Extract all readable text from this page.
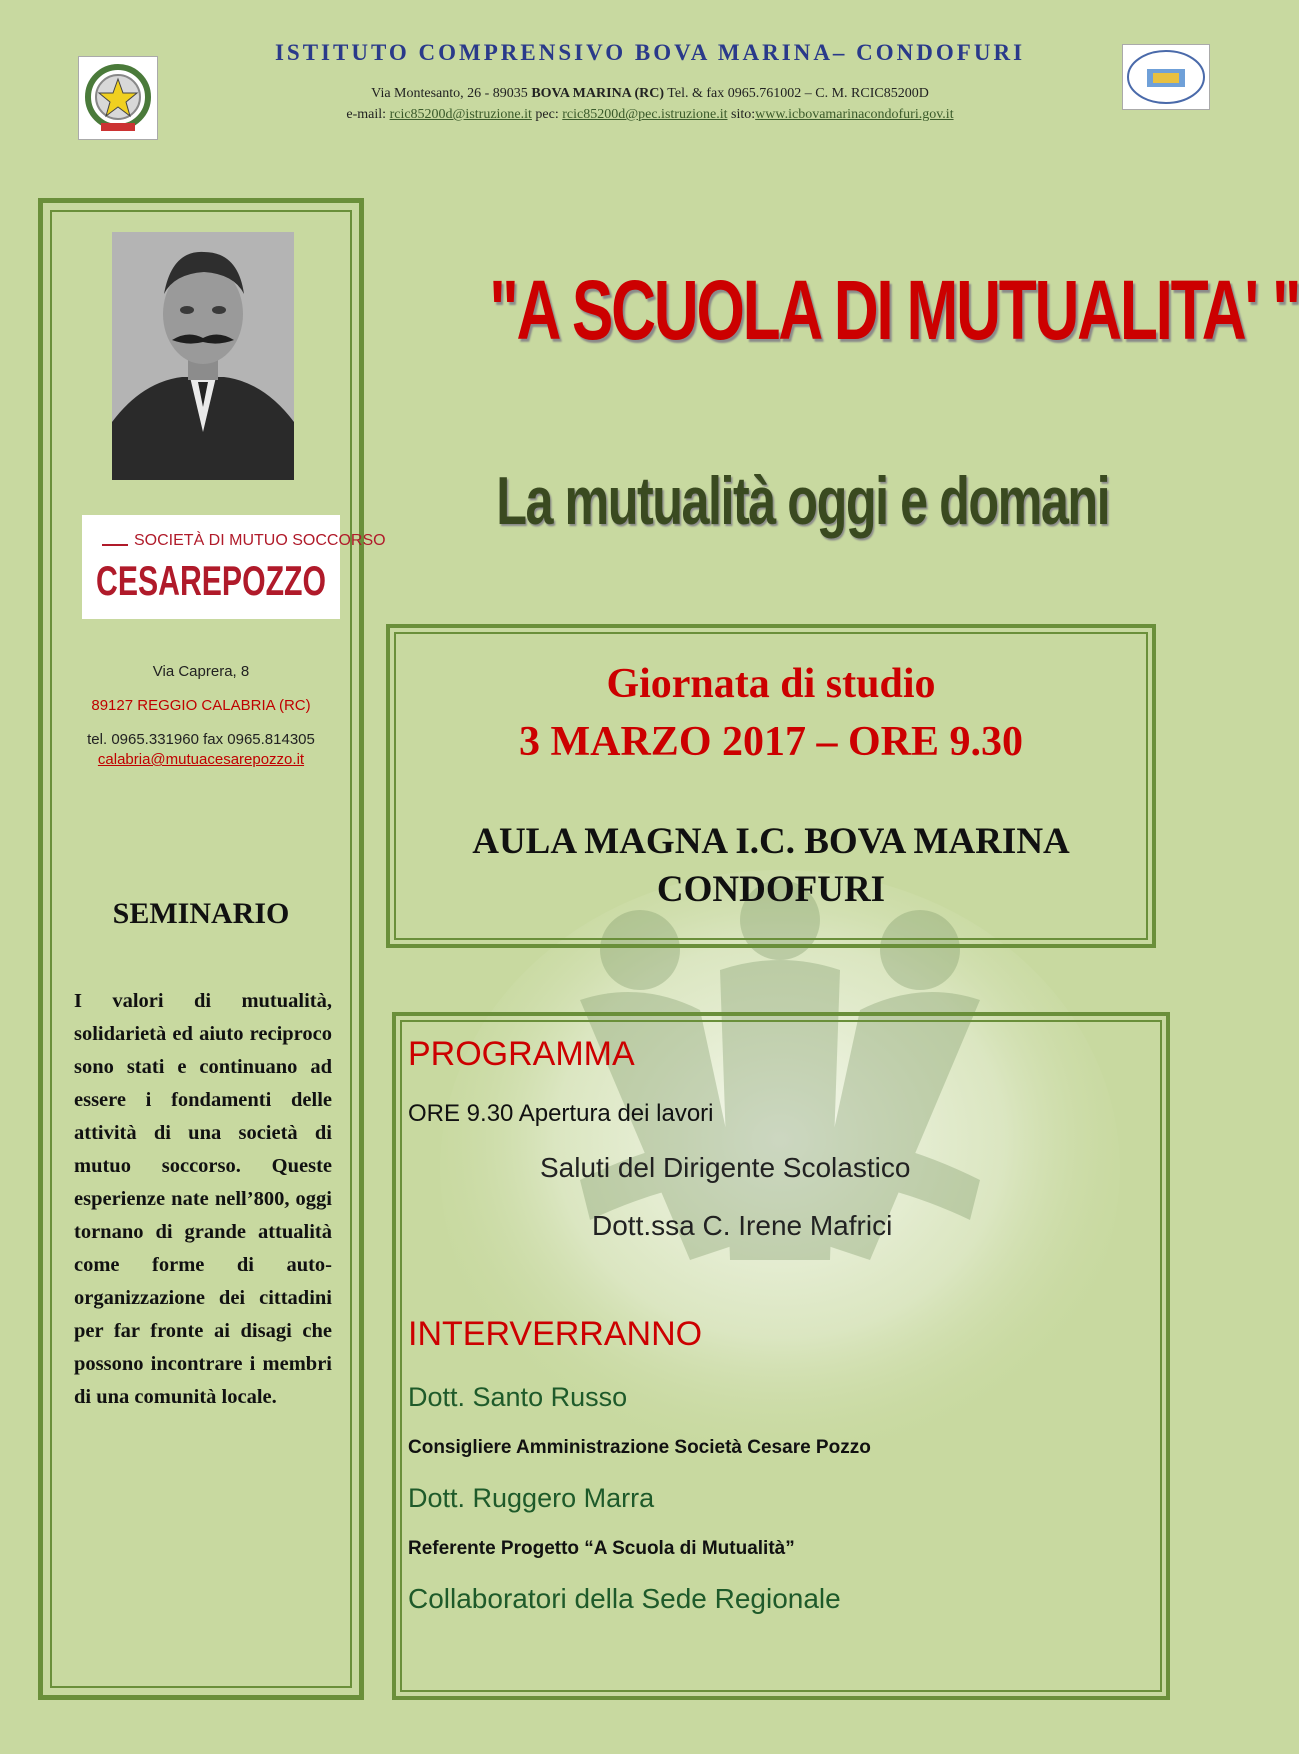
ISTITUTO COMPRENSIVO BOVA MARINA– CONDOFURI
Via Montesanto, 26 - 89035 BOVA MARINA (RC) Tel. & fax 0965.761002 – C. M. RCIC85200D
e-mail: rcic85200d@istruzione.it pec: rcic85200d@pec.istruzione.it sito:www.icbovamarinacondofuri.gov.it
SOCIETÀ DI MUTUO SOCCORSO
CESAREPOZZO
Via Caprera, 8
89127 REGGIO CALABRIA (RC)
tel. 0965.331960 fax 0965.814305
calabria@mutuacesarepozzo.it
SEMINARIO
I valori di mutualità, solidarietà ed aiuto reciproco sono stati e continuano ad essere i fondamenti delle attività di una società di mutuo soccorso. Queste esperienze nate nell’800, oggi tornano di grande attualità come forme di auto-organizzazione dei cittadini per far fronte ai disagi che possono incontrare i membri di una comunità locale.
"A SCUOLA DI MUTUALITA' "
La mutualità oggi e domani
Giornata di studio
3 MARZO 2017 – ORE 9.30
AULA MAGNA I.C. BOVA MARINA
CONDOFURI
PROGRAMMA
ORE 9.30 Apertura dei lavori
Saluti del Dirigente Scolastico
Dott.ssa C. Irene Mafrici
INTERVERRANNO
Dott. Santo Russo
Consigliere Amministrazione Società Cesare Pozzo
Dott. Ruggero Marra
Referente Progetto “A Scuola di Mutualità”
Collaboratori della Sede Regionale
